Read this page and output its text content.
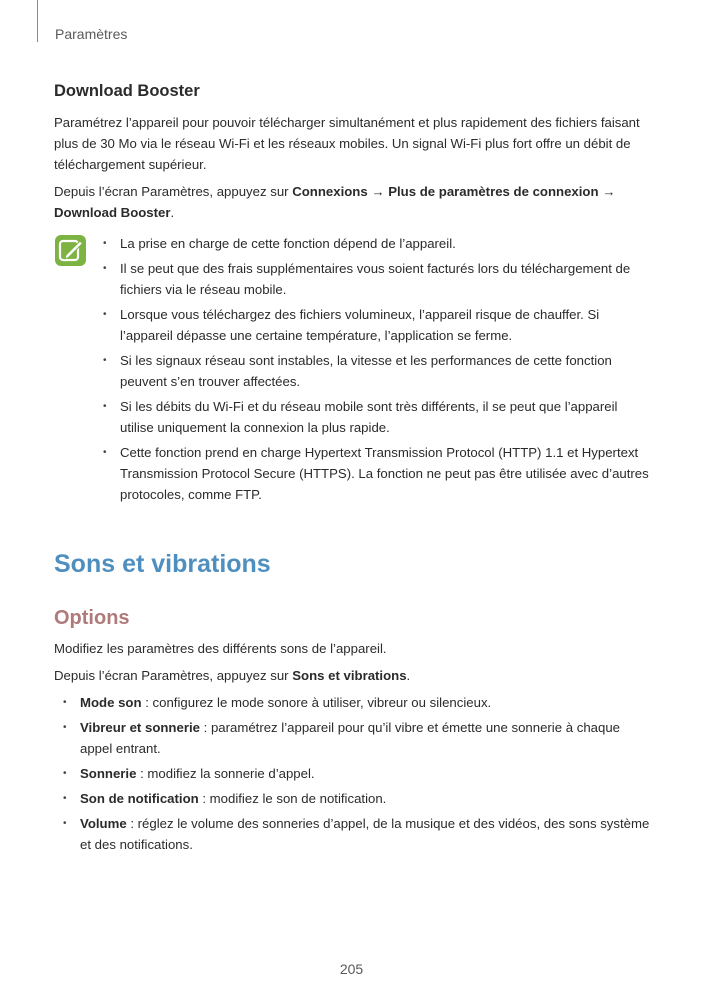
Paramètres
Download Booster

Paramétrez l’appareil pour pouvoir télécharger simultanément et plus rapidement des fichiers faisant plus de 30 Mo via le réseau Wi-Fi et les réseaux mobiles. Un signal Wi-Fi plus fort offre un débit de téléchargement supérieur.

Depuis l’écran Paramètres, appuyez sur Connexions → Plus de paramètres de connexion → Download Booster.

• La prise en charge de cette fonction dépend de l’appareil.
• Il se peut que des frais supplémentaires vous soient facturés lors du téléchargement de fichiers via le réseau mobile.
• Lorsque vous téléchargez des fichiers volumineux, l’appareil risque de chauffer. Si l’appareil dépasse une certaine température, l’application se ferme.
• Si les signaux réseau sont instables, la vitesse et les performances de cette fonction peuvent s’en trouver affectées.
• Si les débits du Wi-Fi et du réseau mobile sont très différents, il se peut que l’appareil utilise uniquement la connexion la plus rapide.
• Cette fonction prend en charge Hypertext Transmission Protocol (HTTP) 1.1 et Hypertext Transmission Protocol Secure (HTTPS). La fonction ne peut pas être utilisée avec d’autres protocoles, comme FTP.
Sons et vibrations
Options

Modifiez les paramètres des différents sons de l’appareil.

Depuis l’écran Paramètres, appuyez sur Sons et vibrations.

• Mode son : configurez le mode sonore à utiliser, vibreur ou silencieux.
• Vibreur et sonnerie : paramétrez l’appareil pour qu’il vibre et émette une sonnerie à chaque appel entrant.
• Sonnerie : modifiez la sonnerie d’appel.
• Son de notification : modifiez le son de notification.
• Volume : réglez le volume des sonneries d’appel, de la musique et des vidéos, des sons système et des notifications.
205
